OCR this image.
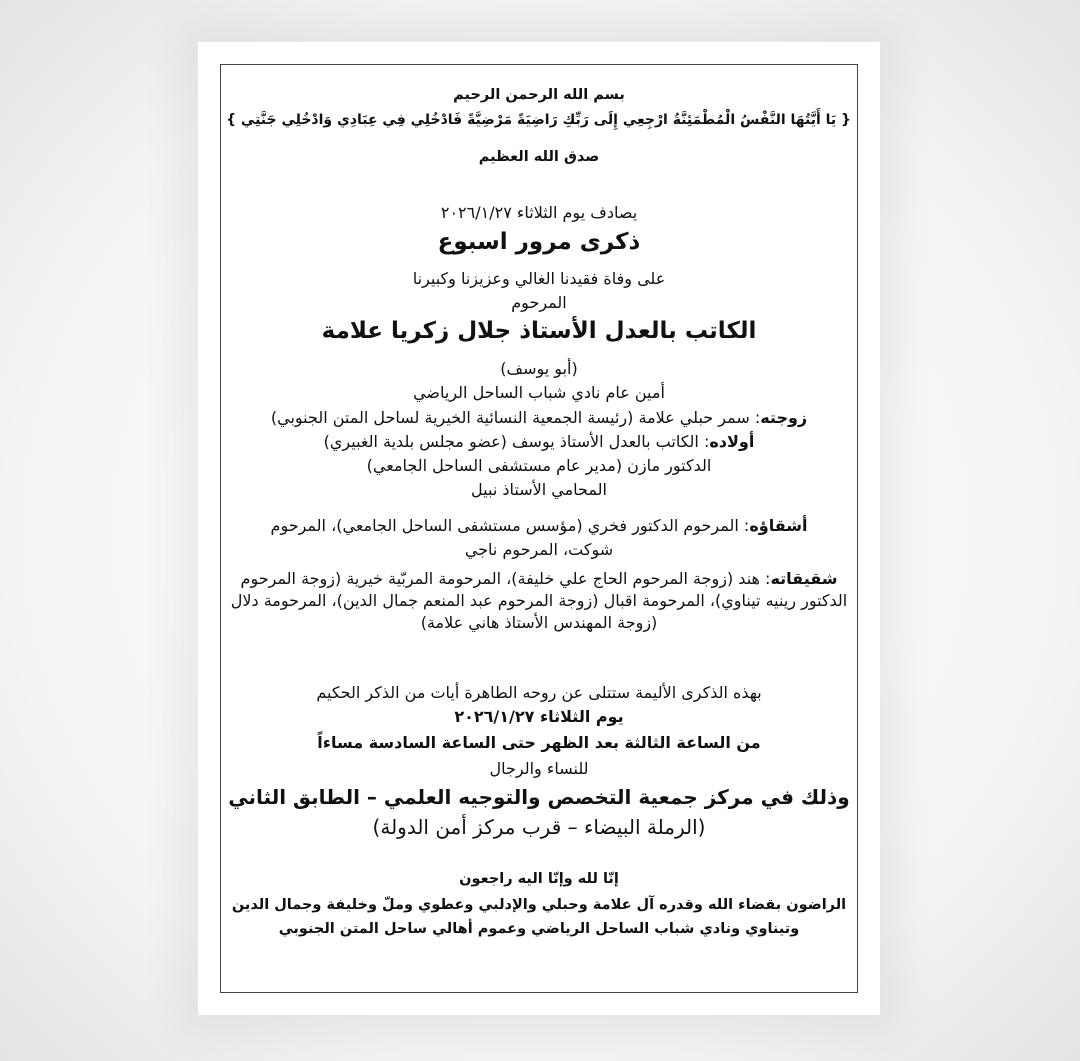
بسم الله الرحمن الرحيم
{ يَا أَيَّتُهَا النَّفْسُ الْمُطْمَئِنَّةُ ارْجِعِي إِلَى رَبِّكِ رَاضِيَةً مَرْضِيَّةً فَادْخُلِي فِي عِبَادِي وَادْخُلِي جَنَّتِي }
صدق الله العظيم
يصادف يوم الثلاثاء ٢٠٢٦/١/٢٧
ذكرى مرور اسبوع
على وفاة فقيدنا الغالي وعزيزنا وكبيرنا
المرحوم
الكاتب بالعدل الأستاذ جلال زكريا علامة
(أبو يوسف)
أمين عام نادي شباب الساحل الرياضي
زوجته: سمر حبلي علامة (رئيسة الجمعية النسائية الخيرية لساحل المتن الجنوبي)
أولاده: الكاتب بالعدل الأستاذ يوسف (عضو مجلس بلدية الغبيري)
الدكتور مازن (مدير عام مستشفى الساحل الجامعي)
المحامي الأستاذ نبيل
أشقاؤه: المرحوم الدكتور فخري (مؤسس مستشفى الساحل الجامعي)، المرحوم
شوكت، المرحوم ناجي
شقيقاته: هند (زوجة المرحوم الحاج علي خليفة)، المرحومة المربّية خيرية (زوجة المرحوم الدكتور رينيه تيناوي)، المرحومة اقبال (زوجة المرحوم عبد المنعم جمال الدين)، المرحومة دلال (زوجة المهندس الأستاذ هاني علامة)
بهذه الذكرى الأليمة ستتلى عن روحه الطاهرة أيات من الذكر الحكيم
يوم الثلاثاء ٢٠٢٦/١/٢٧
من الساعة الثالثة بعد الظهر حتى الساعة السادسة مساءاً
للنساء والرجال
وذلك في مركز جمعية التخصص والتوجيه العلمي – الطابق الثاني
(الرملة البيضاء – قرب مركز أمن الدولة)
إنّا لله وإنّا اليه راجعون
الراضون بقضاء الله وقدره آل علامة وحبلي والإدلبي وعطوي وملّ وخليفة وجمال الدين
وتيناوي ونادي شباب الساحل الرياضي وعموم أهالي ساحل المتن الجنوبي
